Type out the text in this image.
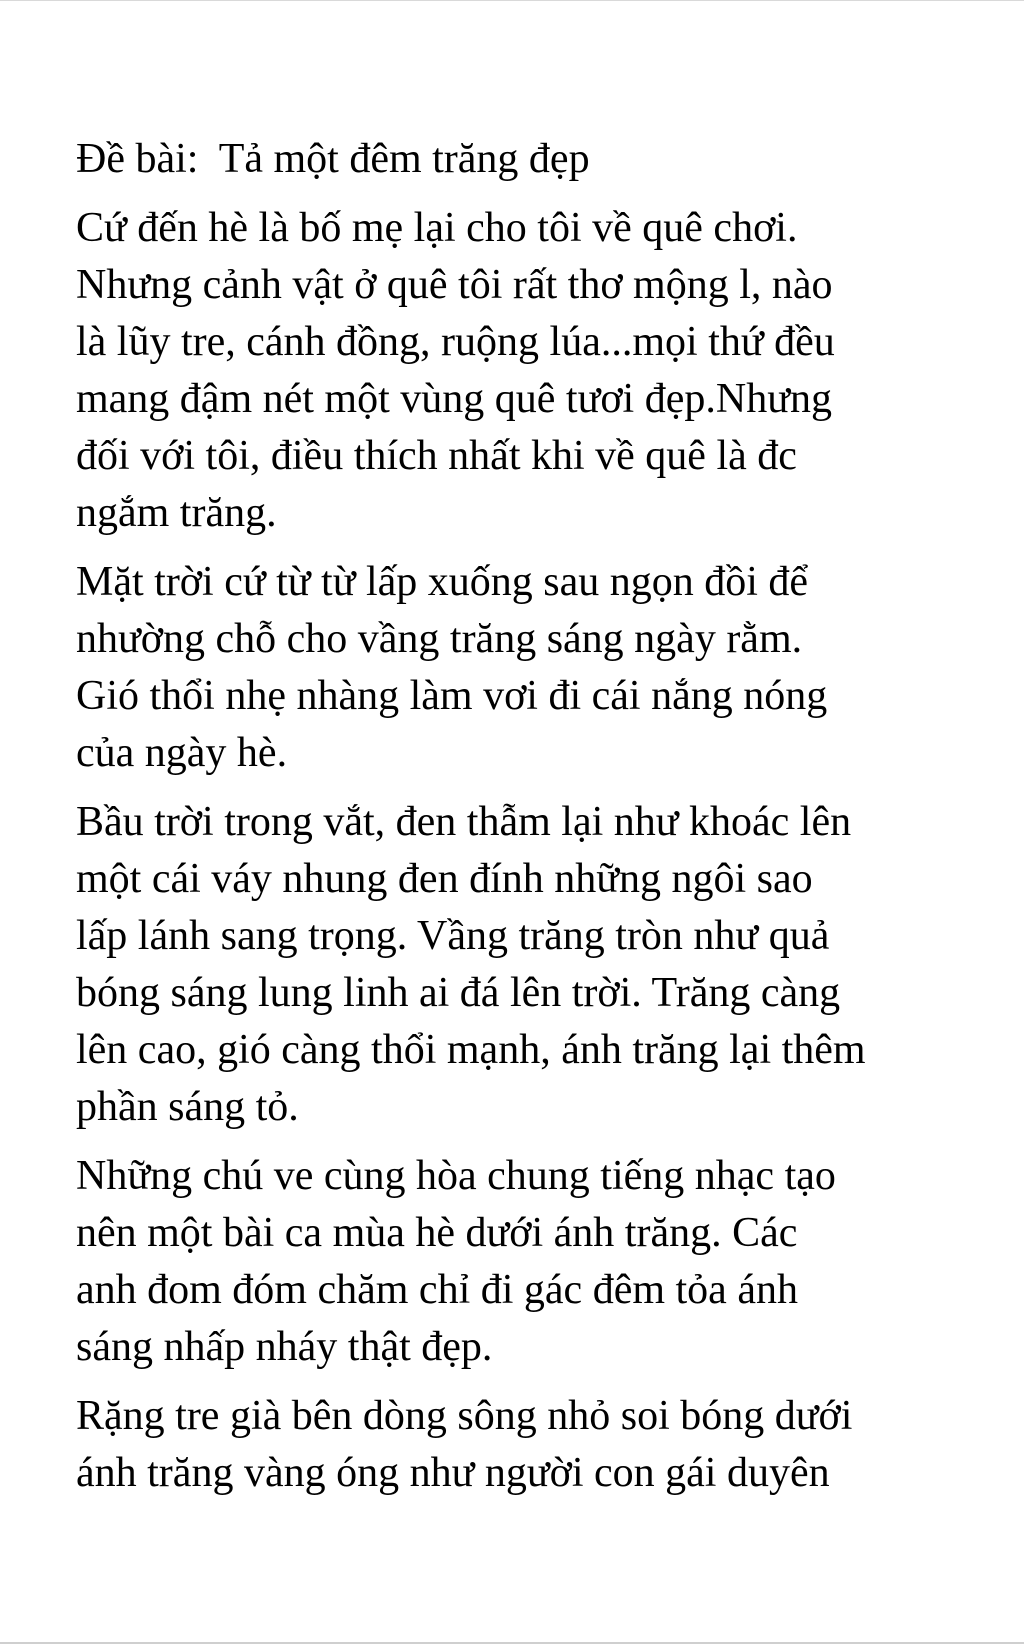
Đề bài:  Tả một đêm trăng đẹp
Cứ đến hè là bố mẹ lại cho tôi về quê chơi.
Nhưng cảnh vật ở quê tôi rất thơ mộng l, nào
là lũy tre, cánh đồng, ruộng lúa...mọi thứ đều
mang đậm nét một vùng quê tươi đẹp.Nhưng
đối với tôi, điều thích nhất khi về quê là đc
ngắm trăng.
Mặt trời cứ từ từ lấp xuống sau ngọn đồi để
nhường chỗ cho vầng trăng sáng ngày rằm.
Gió thổi nhẹ nhàng làm vơi đi cái nắng nóng
của ngày hè.
Bầu trời trong vắt, đen thẫm lại như khoác lên
một cái váy nhung đen đính những ngôi sao
lấp lánh sang trọng. Vầng trăng tròn như quả
bóng sáng lung linh ai đá lên trời. Trăng càng
lên cao, gió càng thổi mạnh, ánh trăng lại thêm
phần sáng tỏ.
Những chú ve cùng hòa chung tiếng nhạc tạo
nên một bài ca mùa hè dưới ánh trăng. Các
anh đom đóm chăm chỉ đi gác đêm tỏa ánh
sáng nhấp nháy thật đẹp.
Rặng tre già bên dòng sông nhỏ soi bóng dưới
ánh trăng vàng óng như người con gái duyên
